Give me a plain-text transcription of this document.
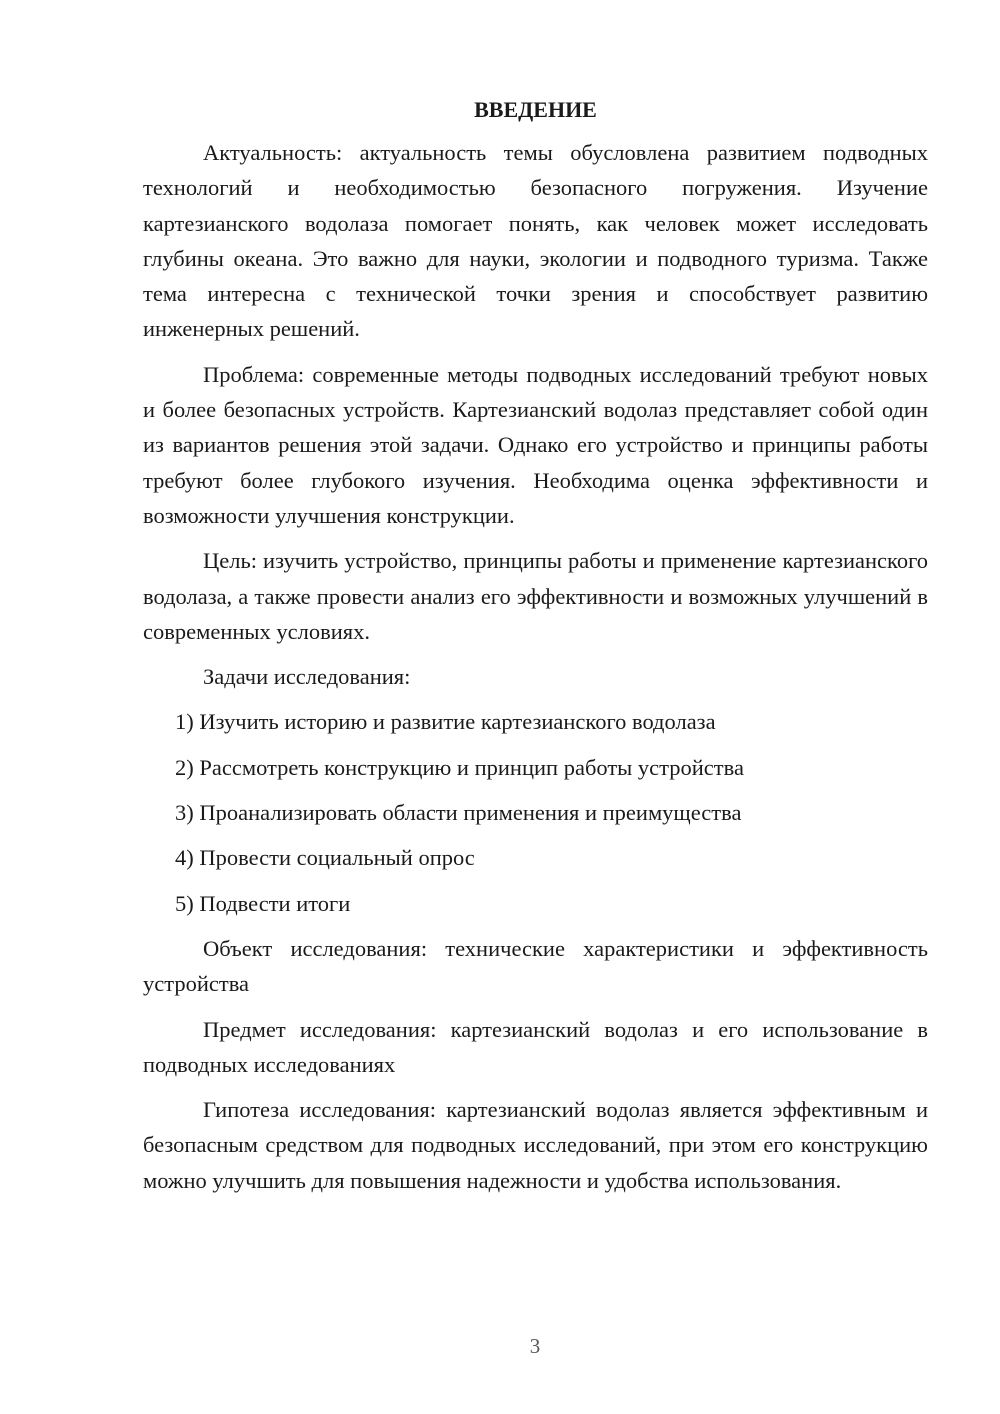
ВВЕДЕНИЕ

Актуальность: актуальность темы обусловлена развитием подводных технологий и необходимостью безопасного погружения. Изучение картезианского водолаза помогает понять, как человек может исследовать глубины океана. Это важно для науки, экологии и подводного туризма. Также тема интересна с технической точки зрения и способствует развитию инженерных решений.

Проблема: современные методы подводных исследований требуют новых и более безопасных устройств. Картезианский водолаз представляет собой один из вариантов решения этой задачи. Однако его устройство и принципы работы требуют более глубокого изучения. Необходима оценка эффективности и возможности улучшения конструкции.

Цель: изучить устройство, принципы работы и применение картезианского водолаза, а также провести анализ его эффективности и возможных улучшений в современных условиях.

Задачи исследования:

1) Изучить историю и развитие картезианского водолаза
2) Рассмотреть конструкцию и принцип работы устройства
3) Проанализировать области применения и преимущества
4) Провести социальный опрос
5) Подвести итоги

Объект исследования: технические характеристики и эффективность устройства

Предмет исследования: картезианский водолаз и его использование в подводных исследованиях

Гипотеза исследования: картезианский водолаз является эффективным и безопасным средством для подводных исследований, при этом его конструкцию можно улучшить для повышения надежности и удобства использования.

3
